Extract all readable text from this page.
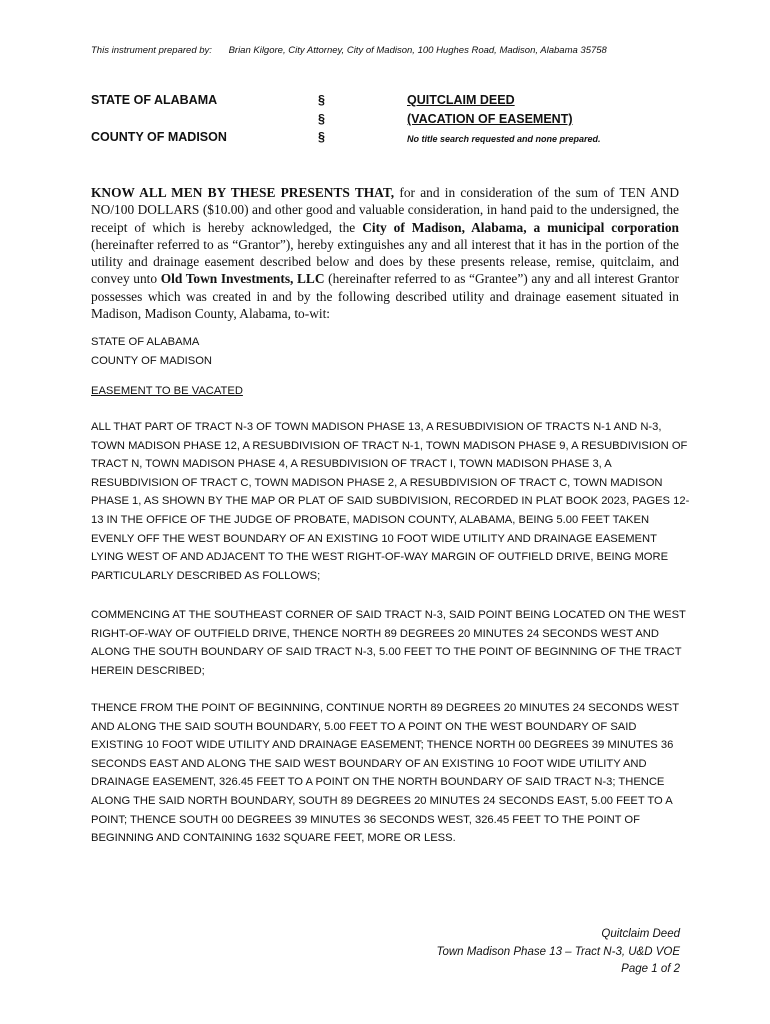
This instrument prepared by: Brian Kilgore, City Attorney, City of Madison, 100 Hughes Road, Madison, Alabama 35758
STATE OF ALABAMA
COUNTY OF MADISON
§
§
§
QUITCLAIM DEED
(VACATION OF EASEMENT)
No title search requested and none prepared.

KNOW ALL MEN BY THESE PRESENTS THAT, for and in consideration of the sum of TEN AND NO/100 DOLLARS ($10.00) and other good and valuable consideration, in hand paid to the undersigned, the receipt of which is hereby acknowledged, the City of Madison, Alabama, a municipal corporation (hereinafter referred to as “Grantor”), hereby extinguishes any and all interest that it has in the portion of the utility and drainage easement described below and does by these presents release, remise, quitclaim, and convey unto Old Town Investments, LLC (hereinafter referred to as “Grantee”) any and all interest Grantor possesses which was created in and by the following described utility and drainage easement situated in Madison, Madison County, Alabama, to-wit:

STATE OF ALABAMA
COUNTY OF MADISON
EASEMENT TO BE VACATED

ALL THAT PART OF TRACT N-3 OF TOWN MADISON PHASE 13, A RESUBDIVISION OF TRACTS N-1 AND N-3, TOWN MADISON PHASE 12, A RESUBDIVISION OF TRACT N-1, TOWN MADISON PHASE 9, A RESUBDIVISION OF TRACT N, TOWN MADISON PHASE 4, A RESUBDIVISION OF TRACT I, TOWN MADISON PHASE 3, A RESUBDIVISION OF TRACT C, TOWN MADISON PHASE 2, A RESUBDIVISION OF TRACT C, TOWN MADISON PHASE 1, AS SHOWN BY THE MAP OR PLAT OF SAID SUBDIVISION, RECORDED IN PLAT BOOK 2023, PAGES 12-13 IN THE OFFICE OF THE JUDGE OF PROBATE, MADISON COUNTY, ALABAMA, BEING 5.00 FEET TAKEN EVENLY OFF THE WEST BOUNDARY OF AN EXISTING 10 FOOT WIDE UTILITY AND DRAINAGE EASEMENT LYING WEST OF AND ADJACENT TO THE WEST RIGHT-OF-WAY MARGIN OF OUTFIELD DRIVE, BEING MORE PARTICULARLY DESCRIBED AS FOLLOWS;

COMMENCING AT THE SOUTHEAST CORNER OF SAID TRACT N-3, SAID POINT BEING LOCATED ON THE WEST RIGHT-OF-WAY OF OUTFIELD DRIVE, THENCE NORTH 89 DEGREES 20 MINUTES 24 SECONDS WEST AND ALONG THE SOUTH BOUNDARY OF SAID TRACT N-3, 5.00 FEET TO THE POINT OF BEGINNING OF THE TRACT HEREIN DESCRIBED;

THENCE FROM THE POINT OF BEGINNING, CONTINUE NORTH 89 DEGREES 20 MINUTES 24 SECONDS WEST AND ALONG THE SAID SOUTH BOUNDARY, 5.00 FEET TO A POINT ON THE WEST BOUNDARY OF SAID EXISTING 10 FOOT WIDE UTILITY AND DRAINAGE EASEMENT; THENCE NORTH 00 DEGREES 39 MINUTES 36 SECONDS EAST AND ALONG THE SAID WEST BOUNDARY OF AN EXISTING 10 FOOT WIDE UTILITY AND DRAINAGE EASEMENT, 326.45 FEET TO A POINT ON THE NORTH BOUNDARY OF SAID TRACT N-3; THENCE ALONG THE SAID NORTH BOUNDARY, SOUTH 89 DEGREES 20 MINUTES 24 SECONDS EAST, 5.00 FEET TO A POINT; THENCE SOUTH 00 DEGREES 39 MINUTES 36 SECONDS WEST, 326.45 FEET TO THE POINT OF BEGINNING AND CONTAINING 1632 SQUARE FEET, MORE OR LESS.

Quitclaim Deed
Town Madison Phase 13 – Tract N-3, U&D VOE
Page 1 of 2
